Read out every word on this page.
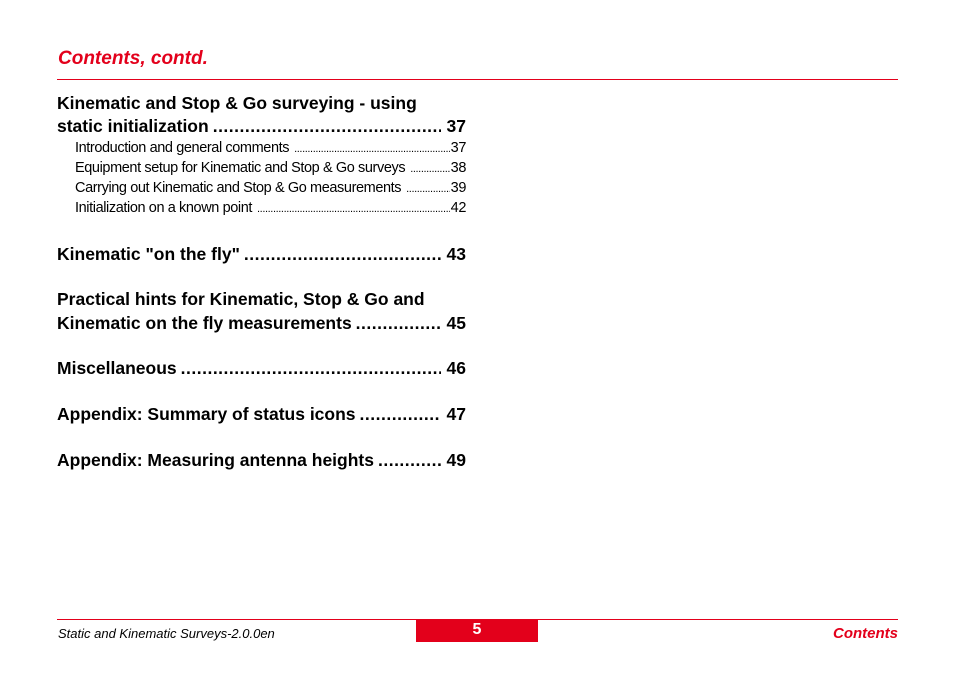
Contents, contd.
Kinematic and Stop & Go surveying - using
static initialization .....	37
Introduction and general comments .....	37
Equipment setup for Kinematic and Stop & Go surveys .....	38
Carrying out Kinematic and Stop & Go measurements .....	39
Initialization on a known point .....	42
Kinematic "on the fly" .....	43
Practical hints for Kinematic, Stop & Go and
Kinematic on the fly measurements .....	45
Miscellaneous .....	46
Appendix: Summary of status icons .....	47
Appendix: Measuring antenna heights .....	49
Static and Kinematic Surveys-2.0.0en	5	Contents
